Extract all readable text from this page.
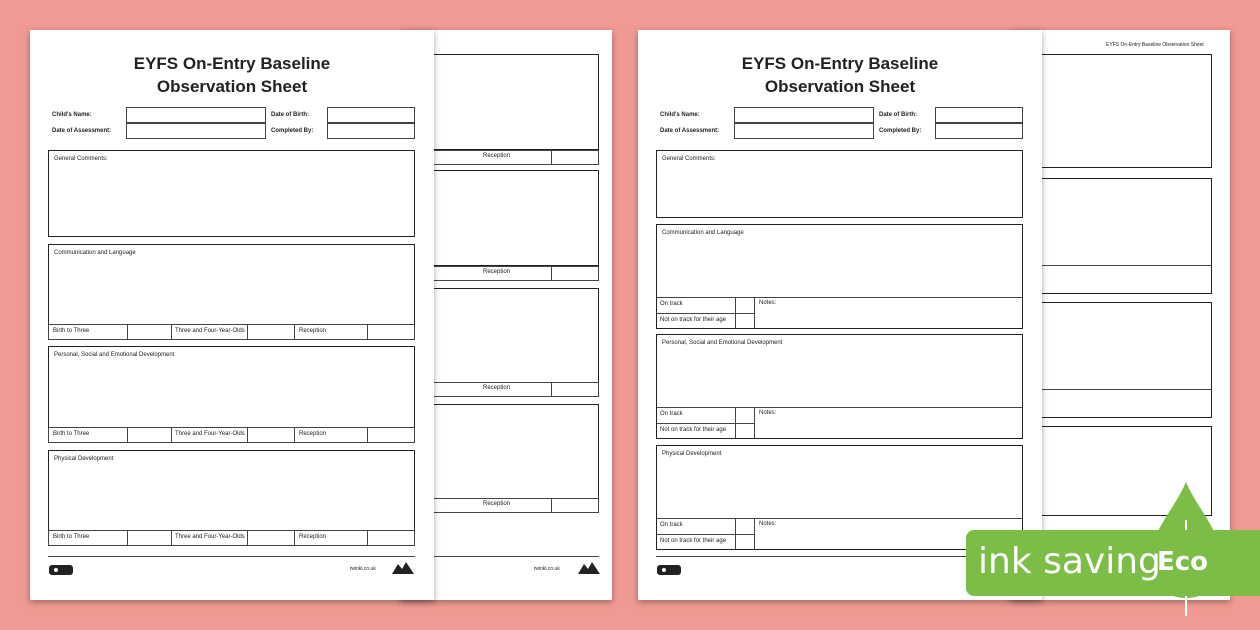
Reception
Reception
Reception
Reception
twinkl.co.uk
EYFS On-Entry Baseline
Observation Sheet
Child's Name:	Date of Birth:
Date of Assessment:	Completed By:
General Comments:
Communication and Language
Birth to Three	Three and Four-Year-Olds	Reception
Personal, Social and Emotional Development
Birth to Three	Three and Four-Year-Olds	Reception
Physical Development
Birth to Three	Three and Four-Year-Olds	Reception
twinkl.co.uk
EYFS On-Entry Baseline Observation Sheet
EYFS On-Entry Baseline
Observation Sheet
Child's Name:	Date of Birth:
Date of Assessment:	Completed By:
General Comments:
Communication and Language
On track
Not on track for their age
Notes:
Personal, Social and Emotional Development
On track
Not on track for their age
Notes:
Physical Development
On track
Not on track for their age
Notes:
ink saving
Eco
